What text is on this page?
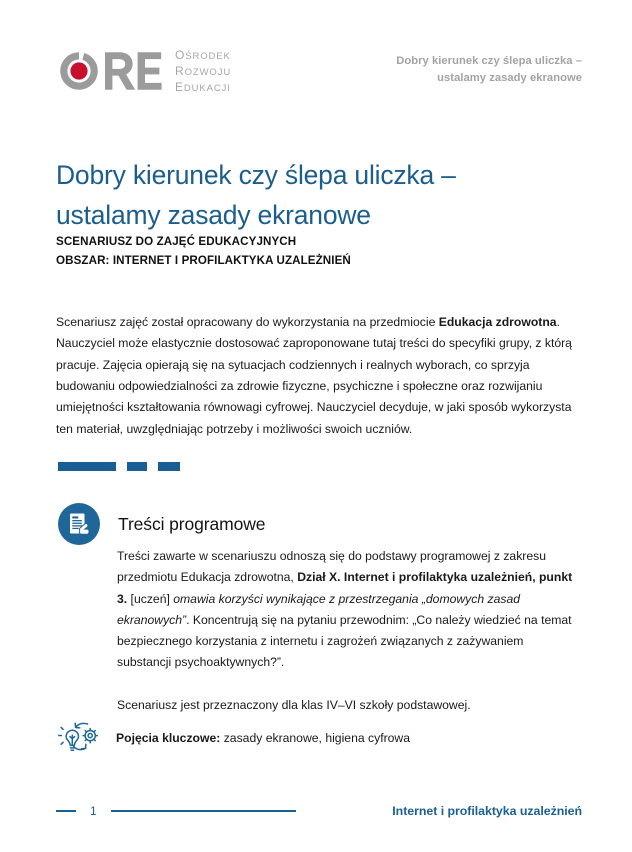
OŚRODEK
ROZWOJU
EDUKACJI
Dobry kierunek czy ślepa uliczka –
ustalamy zasady ekranowe
Dobry kierunek czy ślepa uliczka –
ustalamy zasady ekranowe
SCENARIUSZ DO ZAJĘĆ EDUKACYJNYCH
OBSZAR: INTERNET I PROFILAKTYKA UZALEŻNIEŃ

Scenariusz zajęć został opracowany do wykorzystania na przedmiocie Edukacja zdrowotna. Nauczyciel może elastycznie dostosować zaproponowane tutaj treści do specyfiki grupy, z którą pracuje. Zajęcia opierają się na sytuacjach codziennych i realnych wyborach, co sprzyja budowaniu odpowiedzialności za zdrowie fizyczne, psychiczne i społeczne oraz rozwijaniu umiejętności kształtowania równowagi cyfrowej. Nauczyciel decyduje, w jaki sposób wykorzysta ten materiał, uwzględniając potrzeby i możliwości swoich uczniów.

Treści programowe
Treści zawarte w scenariuszu odnoszą się do podstawy programowej z zakresu przedmiotu Edukacja zdrowotna, Dział X. Internet i profilaktyka uzależnień, punkt 3. [uczeń] omawia korzyści wynikające z przestrzegania „domowych zasad ekranowych”. Koncentrują się na pytaniu przewodnim: „Co należy wiedzieć na temat bezpiecznego korzystania z internetu i zagrożeń związanych z zażywaniem substancji psychoaktywnych?”.
Scenariusz jest przeznaczony dla klas IV–VI szkoły podstawowej.
Pojęcia kluczowe: zasady ekranowe, higiena cyfrowa
1	Internet i profilaktyka uzależnień
